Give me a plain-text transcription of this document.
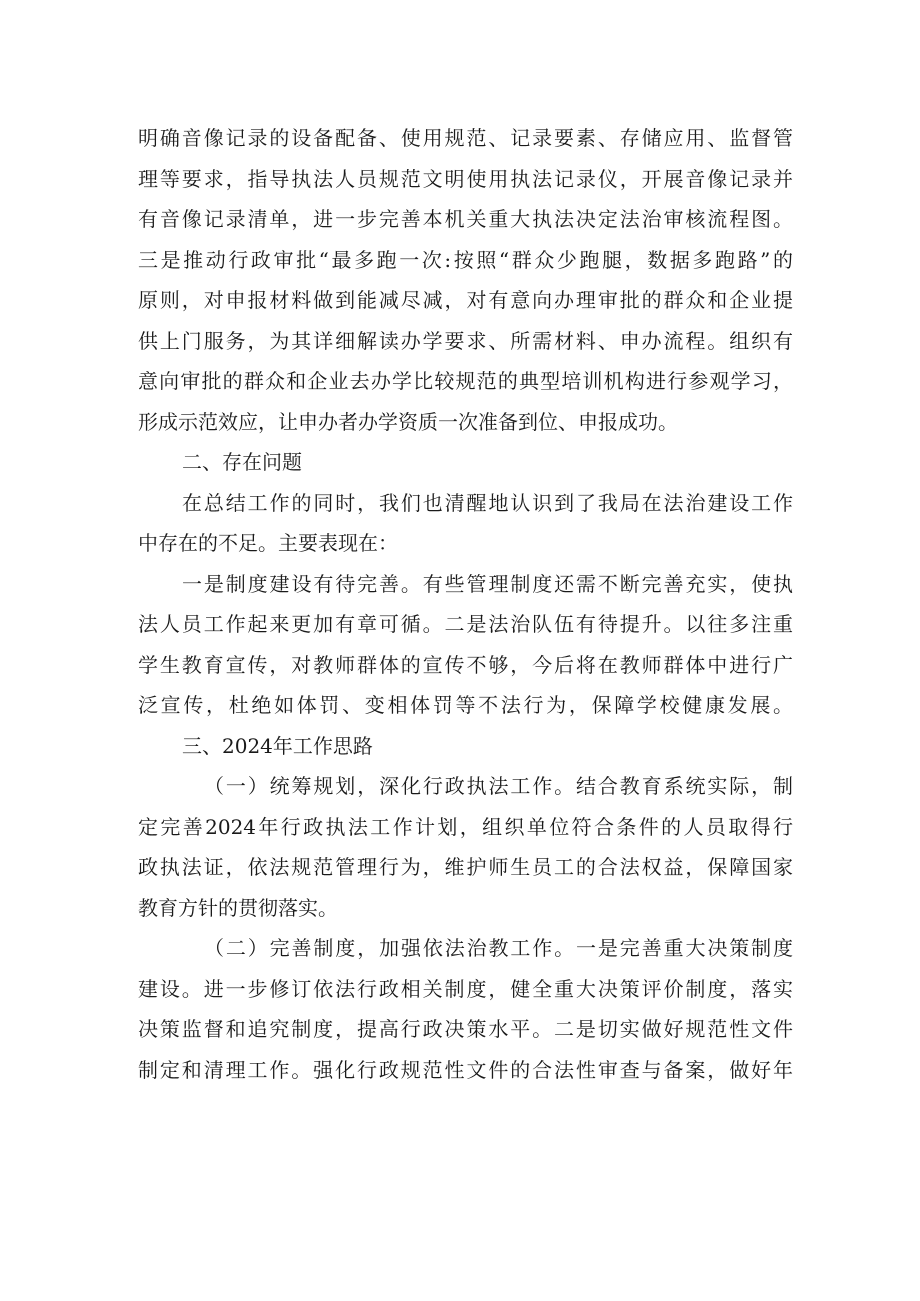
明确音像记录的设备配备、使用规范、记录要素、存储应用、监督管
理等要求，指导执法人员规范文明使用执法记录仪，开展音像记录并
有音像记录清单，进一步完善本机关重大执法决定法治审核流程图。
三是推动行政审批“最多跑一次:按照“群众少跑腿，数据多跑路”的
原则，对申报材料做到能减尽减，对有意向办理审批的群众和企业提
供上门服务，为其详细解读办学要求、所需材料、申办流程。组织有
意向审批的群众和企业去办学比较规范的典型培训机构进行参观学习，
形成示范效应，让申办者办学资质一次准备到位、申报成功。
二、存在问题
在总结工作的同时，我们也清醒地认识到了我局在法治建设工作
中存在的不足。主要表现在：
一是制度建设有待完善。有些管理制度还需不断完善充实，使执
法人员工作起来更加有章可循。二是法治队伍有待提升。以往多注重
学生教育宣传，对教师群体的宣传不够，今后将在教师群体中进行广
泛宣传，杜绝如体罚、变相体罚等不法行为，保障学校健康发展。
三、2024年工作思路
（一）统筹规划，深化行政执法工作。结合教育系统实际，制
定完善2024年行政执法工作计划，组织单位符合条件的人员取得行
政执法证，依法规范管理行为，维护师生员工的合法权益，保障国家
教育方针的贯彻落实。
（二）完善制度，加强依法治教工作。一是完善重大决策制度
建设。进一步修订依法行政相关制度，健全重大决策评价制度，落实
决策监督和追究制度，提高行政决策水平。二是切实做好规范性文件
制定和清理工作。强化行政规范性文件的合法性审查与备案，做好年
